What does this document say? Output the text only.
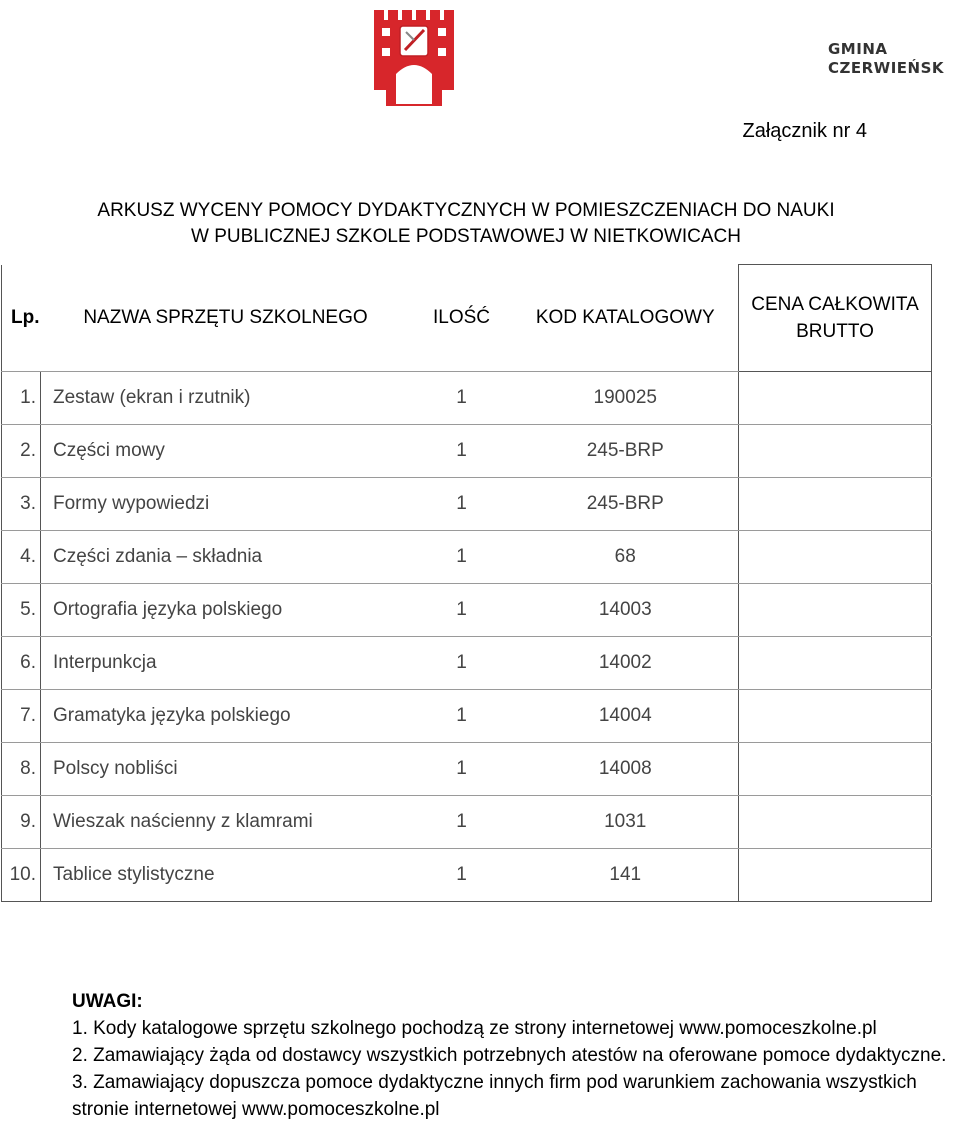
GMINA
CZERWIEŃSK
Załącznik nr 4
ARKUSZ WYCENY POMOCY DYDAKTYCZNYCH W POMIESZCZENIACH DO NAUKI
W PUBLICZNEJ SZKOLE PODSTAWOWEJ W NIETKOWICACH
Lp.	NAZWA SPRZĘTU SZKOLNEGO	ILOŚĆ	KOD KATALOGOWY	CENA CAŁKOWITA
BRUTTO

1.	Zestaw (ekran i rzutnik)	1	190025	
2.	Części mowy	1	245-BRP	
3.	Formy wypowiedzi	1	245-BRP	
4.	Części zdania – składnia	1	68	
5.	Ortografia języka polskiego	1	14003	
6.	Interpunkcja	1	14002	
7.	Gramatyka języka polskiego	1	14004	
8.	Polscy nobliści	1	14008	
9.	Wieszak naścienny z klamrami	1	1031	
10.	Tablice stylistyczne	1	141	
UWAGI:
1. Kody katalogowe sprzętu szkolnego pochodzą ze strony internetowej www.pomoceszkolne.pl
2. Zamawiający żąda od dostawcy wszystkich potrzebnych atestów na oferowane pomoce dydaktyczne.
3. Zamawiający dopuszcza pomoce dydaktyczne innych firm pod warunkiem zachowania wszystkich
stronie internetowej www.pomoceszkolne.pl
